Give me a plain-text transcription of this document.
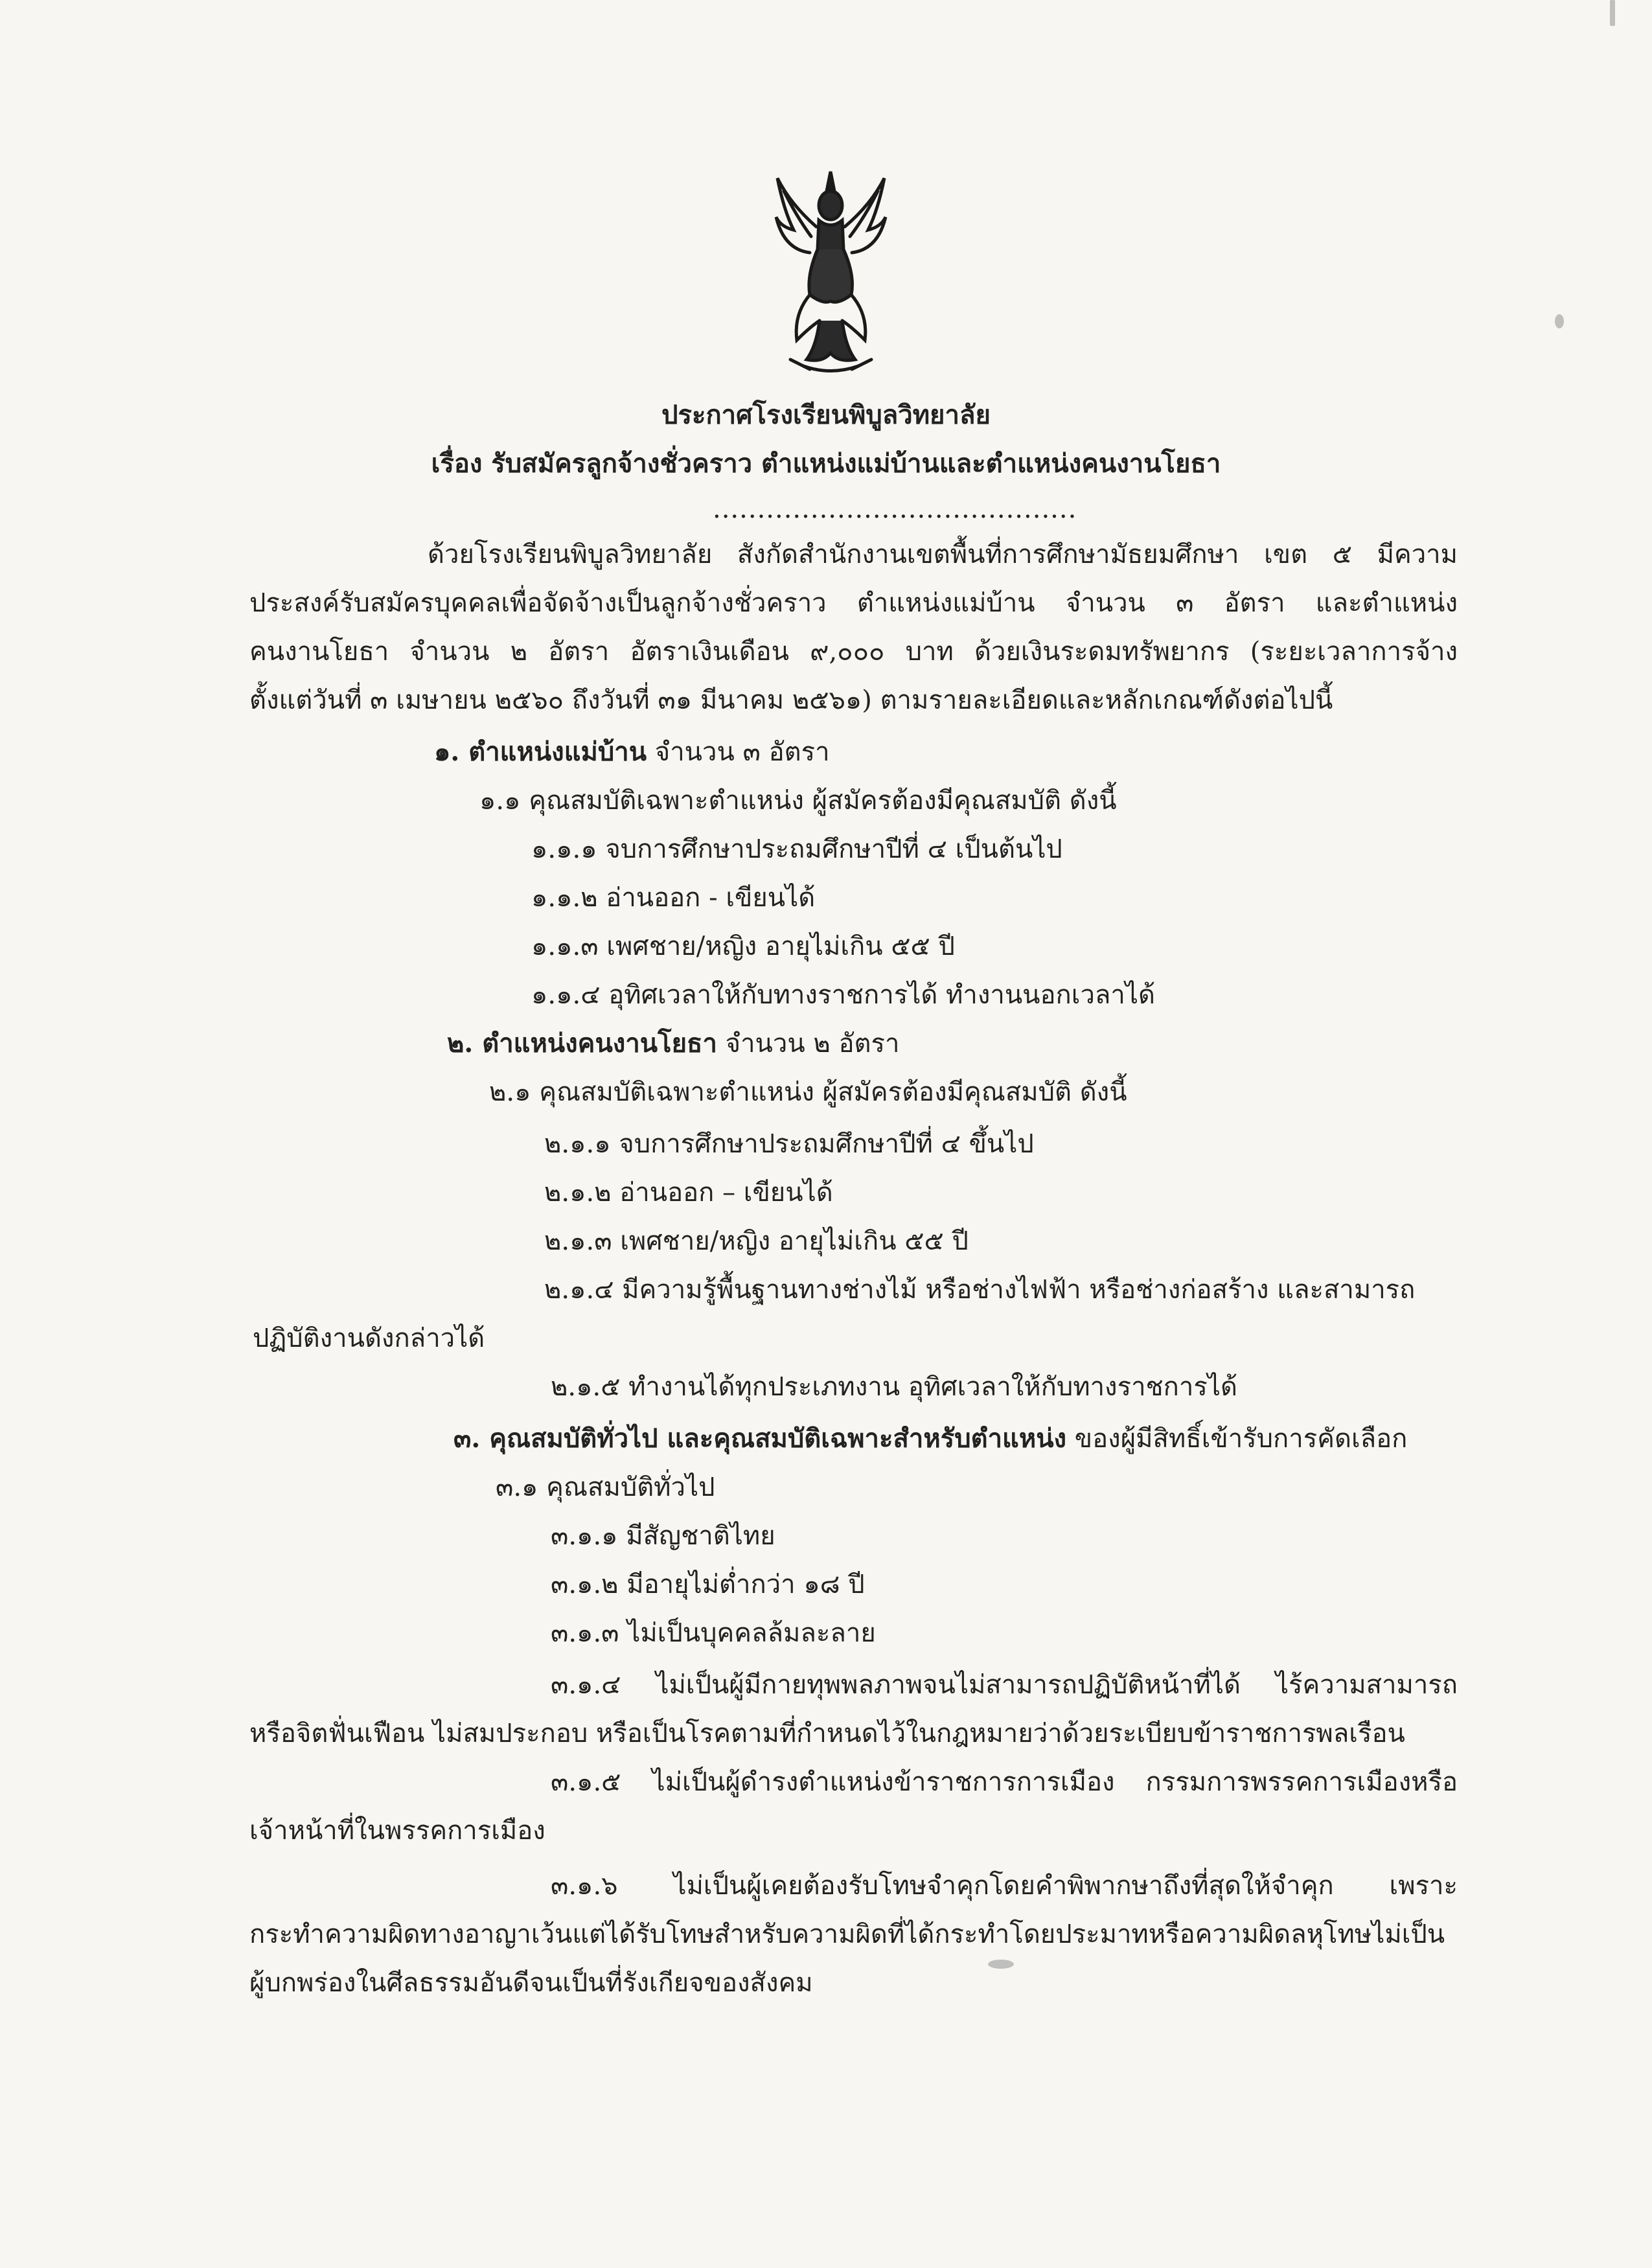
ประกาศโรงเรียนพิบูลวิทยาลัย
เรื่อง รับสมัครลูกจ้างชั่วคราว ตำแหน่งแม่บ้านและตำแหน่งคนงานโยธา
.........................................
ด้วยโรงเรียนพิบูลวิทยาลัย สังกัดสำนักงานเขตพื้นที่การศึกษามัธยมศึกษา เขต ๕ มีความ
ประสงค์รับสมัครบุคคลเพื่อจัดจ้างเป็นลูกจ้างชั่วคราว ตำแหน่งแม่บ้าน จำนวน ๓ อัตรา และตำแหน่ง
คนงานโยธา จำนวน ๒ อัตรา อัตราเงินเดือน ๙,๐๐๐ บาท ด้วยเงินระดมทรัพยากร (ระยะเวลาการจ้าง
ตั้งแต่วันที่ ๓ เมษายน ๒๕๖๐ ถึงวันที่ ๓๑ มีนาคม ๒๕๖๑) ตามรายละเอียดและหลักเกณฑ์ดังต่อไปนี้
๑. ตำแหน่งแม่บ้าน จำนวน ๓ อัตรา
๑.๑ คุณสมบัติเฉพาะตำแหน่ง ผู้สมัครต้องมีคุณสมบัติ ดังนี้
๑.๑.๑ จบการศึกษาประถมศึกษาปีที่ ๔ เป็นต้นไป
๑.๑.๒ อ่านออก - เขียนได้
๑.๑.๓ เพศชาย/หญิง อายุไม่เกิน ๕๕ ปี
๑.๑.๔ อุทิศเวลาให้กับทางราชการได้ ทำงานนอกเวลาได้
๒. ตำแหน่งคนงานโยธา จำนวน ๒ อัตรา
๒.๑ คุณสมบัติเฉพาะตำแหน่ง ผู้สมัครต้องมีคุณสมบัติ ดังนี้
๒.๑.๑ จบการศึกษาประถมศึกษาปีที่ ๔ ขึ้นไป
๒.๑.๒ อ่านออก – เขียนได้
๒.๑.๓ เพศชาย/หญิง อายุไม่เกิน ๕๕ ปี
๒.๑.๔ มีความรู้พื้นฐานทางช่างไม้ หรือช่างไฟฟ้า หรือช่างก่อสร้าง และสามารถ
ปฏิบัติงานดังกล่าวได้
๒.๑.๕ ทำงานได้ทุกประเภทงาน อุทิศเวลาให้กับทางราชการได้
๓. คุณสมบัติทั่วไป และคุณสมบัติเฉพาะสำหรับตำแหน่ง ของผู้มีสิทธิ์เข้ารับการคัดเลือก
๓.๑ คุณสมบัติทั่วไป
๓.๑.๑ มีสัญชาติไทย
๓.๑.๒ มีอายุไม่ต่ำกว่า ๑๘ ปี
๓.๑.๓ ไม่เป็นบุคคลล้มละลาย
๓.๑.๔ ไม่เป็นผู้มีกายทุพพลภาพจนไม่สามารถปฏิบัติหน้าที่ได้ ไร้ความสามารถ
หรือจิตฟั่นเฟือน ไม่สมประกอบ หรือเป็นโรคตามที่กำหนดไว้ในกฎหมายว่าด้วยระเบียบข้าราชการพลเรือน
๓.๑.๕ ไม่เป็นผู้ดำรงตำแหน่งข้าราชการการเมือง กรรมการพรรคการเมืองหรือ
เจ้าหน้าที่ในพรรคการเมือง
๓.๑.๖ ไม่เป็นผู้เคยต้องรับโทษจำคุกโดยคำพิพากษาถึงที่สุดให้จำคุก เพราะ
กระทำความผิดทางอาญาเว้นแต่ได้รับโทษสำหรับความผิดที่ได้กระทำโดยประมาทหรือความผิดลหุโทษไม่เป็น
ผู้บกพร่องในศีลธรรมอันดีจนเป็นที่รังเกียจของสังคม
